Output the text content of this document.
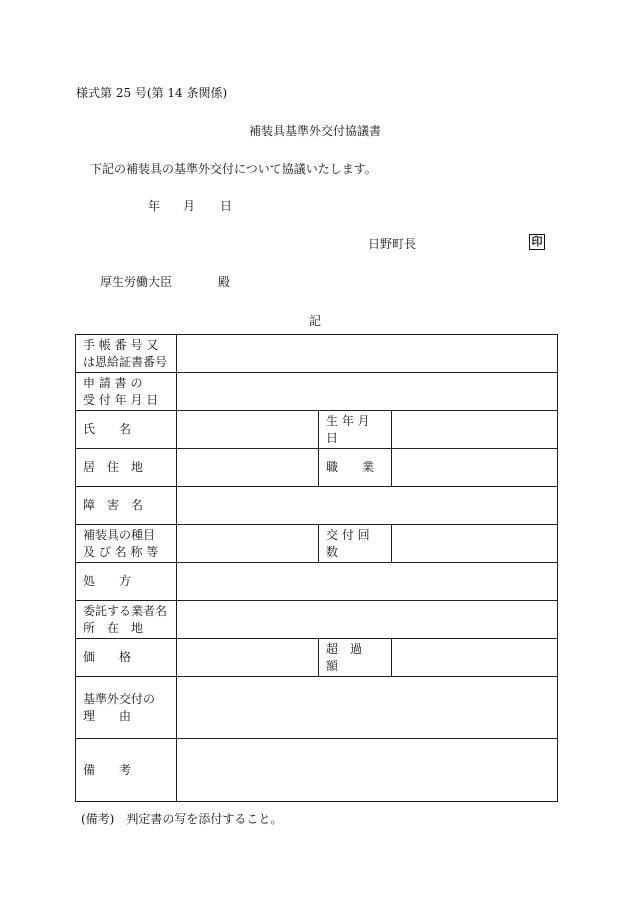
様式第 25 号(第 14 条関係)
補装具基準外交付協議書
下記の補装具の基準外交付について協議いたします。
年 月 日
日野町長	印
厚生労働大臣	殿
記
手 帳 番 号 又
は恩給証書番号			

申 請 書 の
受 付 年 月 日			

氏　　名		生 年 月 日	
居　住　地		職　　業	
障　害　名			

補装具の種目
及 び 名 称 等		交 付 回 数	
処　　方			

委託する業者名
所　在　地			

価　　格		超　過　額	

基準外交付の
理　　由			

備　　考			
(備考)　判定書の写を添付すること。
